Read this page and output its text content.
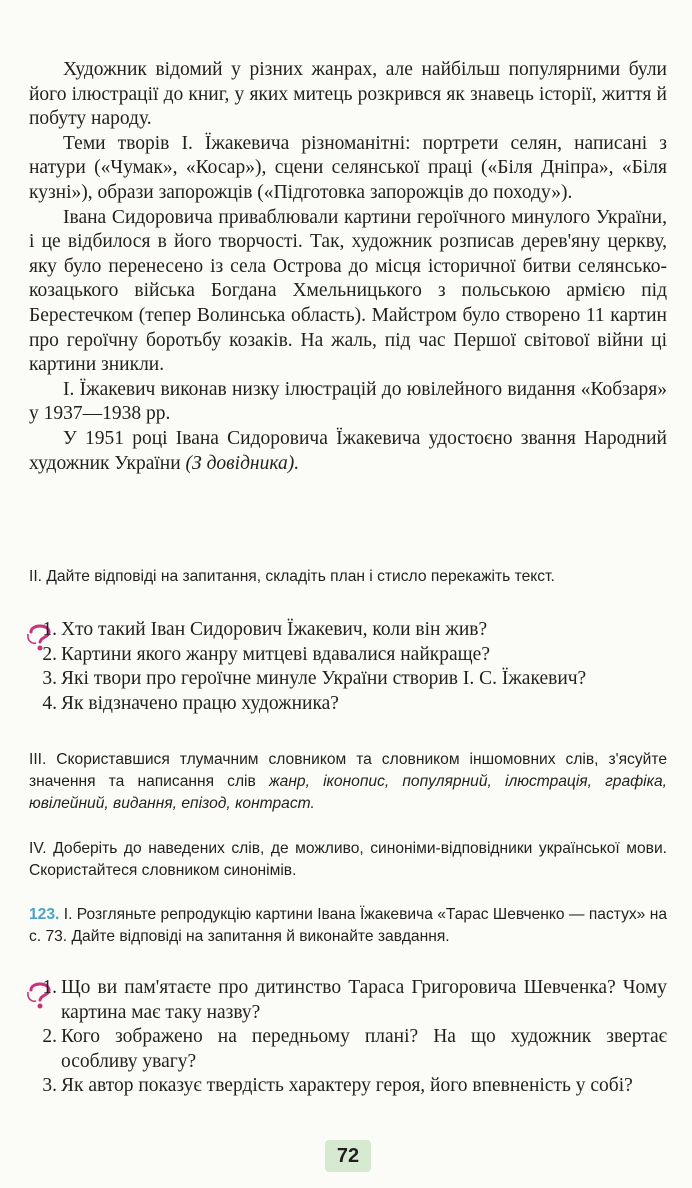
Художник відомий у різних жанрах, але найбільш популярними були його ілюстрації до книг, у яких митець розкрився як знавець історії, життя й побуту народу.

Теми творів І. Їжакевича різноманітні: портрети селян, написані з натури («Чумак», «Косар»), сцени селянської праці («Біля Дніпра», «Біля кузні»), образи запорожців («Підготовка запорожців до походу»).

Івана Сидоровича приваблювали картини героїчного минулого України, і це відбилося в його творчості. Так, художник розписав дерев'яну церкву, яку було перенесено із села Острова до місця історичної битви селянсько-козацького війська Богдана Хмельницького з польською армією під Берестечком (тепер Волинська область). Майстром було створено 11 картин про героїчну боротьбу козаків. На жаль, під час Першої світової війни ці картини зникли.

І. Їжакевич виконав низку ілюстрацій до ювілейного видання «Кобзаря» у 1937—1938 рр.

У 1951 році Івана Сидоровича Їжакевича удостоєно звання Народний художник України (З довідника).

II. Дайте відповіді на запитання, складіть план і стисло перекажіть текст.
1. Хто такий Іван Сидорович Їжакевич, коли він жив?
2. Картини якого жанру митцеві вдавалися найкраще?
3. Які твори про героїчне минуле України створив І. С. Їжакевич?
4. Як відзначено працю художника?
III. Скориставшися тлумачним словником та словником іншомовних слів, з'ясуйте значення та написання слів жанр, іконопис, популярний, ілюстрація, графіка, ювілейний, видання, епізод, контраст.
IV. Доберіть до наведених слів, де можливо, синоніми-відповідники української мови. Скористайтеся словником синонімів.
123. І. Розгляньте репродукцію картини Івана Їжакевича «Тарас Шевченко — пастух» на с. 73. Дайте відповіді на запитання й виконайте завдання.
1. Що ви пам'ятаєте про дитинство Тараса Григоровича Шевченка? Чому картина має таку назву?
2. Кого зображено на передньому плані? На що художник звертає особливу увагу?
3. Як автор показує твердість характеру героя, його впевненість у собі?
72
